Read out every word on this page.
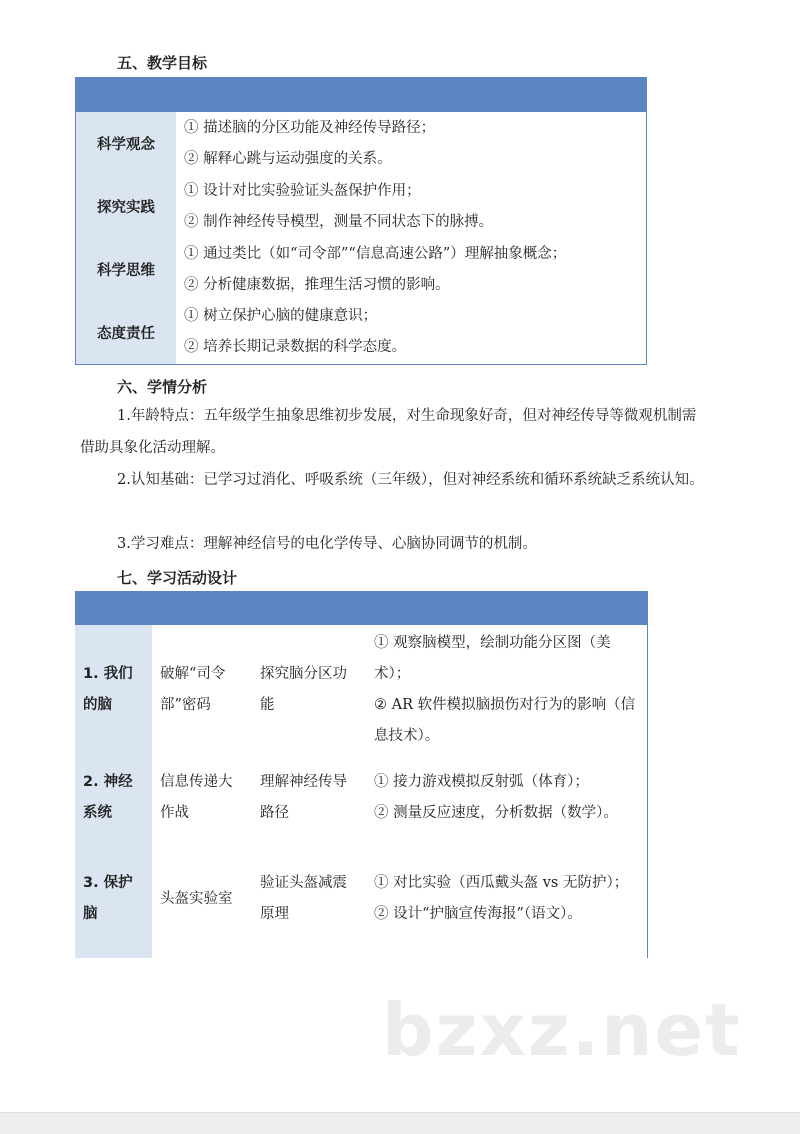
五、教学目标

科学观念	① 描述脑的分区功能及神经传导路径；
② 解释心跳与运动强度的关系。

探究实践	① 设计对比实验验证头盔保护作用；
② 制作神经传导模型，测量不同状态下的脉搏。

科学思维	① 通过类比（如“司令部”“信息高速公路”）理解抽象概念；
② 分析健康数据，推理生活习惯的影响。

态度责任	① 树立保护心脑的健康意识；
② 培养长期记录数据的科学态度。
六、学情分析
1.年龄特点：五年级学生抽象思维初步发展，对生命现象好奇，但对神经传导等微观机制需借助具象化活动理解。
2.认知基础：已学习过消化、呼吸系统（三年级），但对神经系统和循环系统缺乏系统认知。
3.学习难点：理解神经信号的电化学传导、心脑协同调节的机制。
七、学习活动设计

1. 我们的脑	破解“司令部”密码	探究脑分区功能	① 观察脑模型，绘制功能分区图（美术）；
② AR 软件模拟脑损伤对行为的影响（信息技术）。

2. 神经系统	信息传递大作战	理解神经传导路径	① 接力游戏模拟反射弧（体育）；
② 测量反应速度，分析数据（数学）。

3. 保护脑	头盔实验室	验证头盔减震原理	① 对比实验（西瓜戴头盔 vs 无防护）；
② 设计“护脑宣传海报”（语文）。
bzxz.net
